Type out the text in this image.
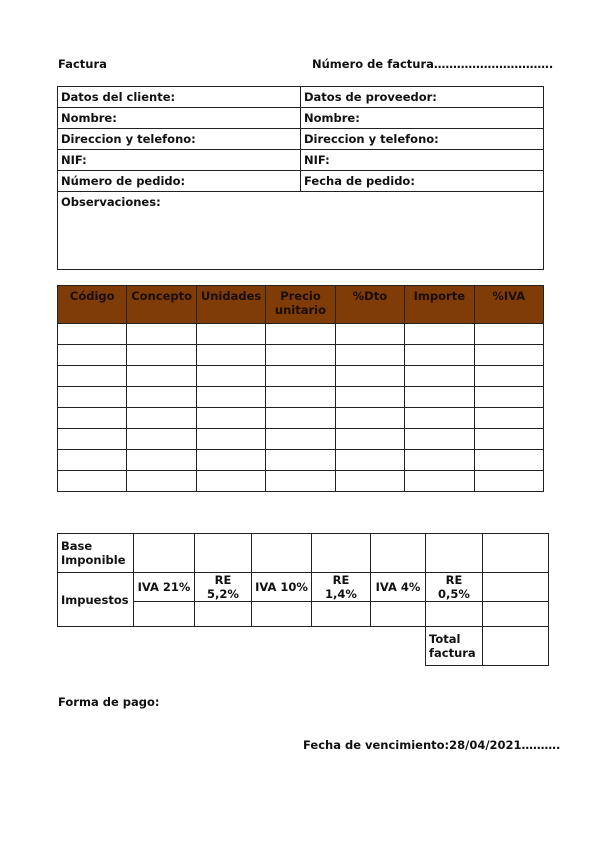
Factura	Número de factura………………………….
Datos del cliente:	Datos de proveedor:
Nombre:	Nombre:
Direccion y telefono:	Direccion y telefono:
NIF:	NIF:
Número de pedido:	Fecha de pedido:
Observaciones:	
Código	Concepto	Unidades	Precio unitario	%Dto	Importe	%IVA

Base Imponible							
Impuestos	IVA 21%	RE 5,2%	IVA 10%	RE 1,4%	IVA 4%	RE 0,5%	

						Total factura	
Forma de pago:
Fecha de vencimiento:28/04/2021……….
